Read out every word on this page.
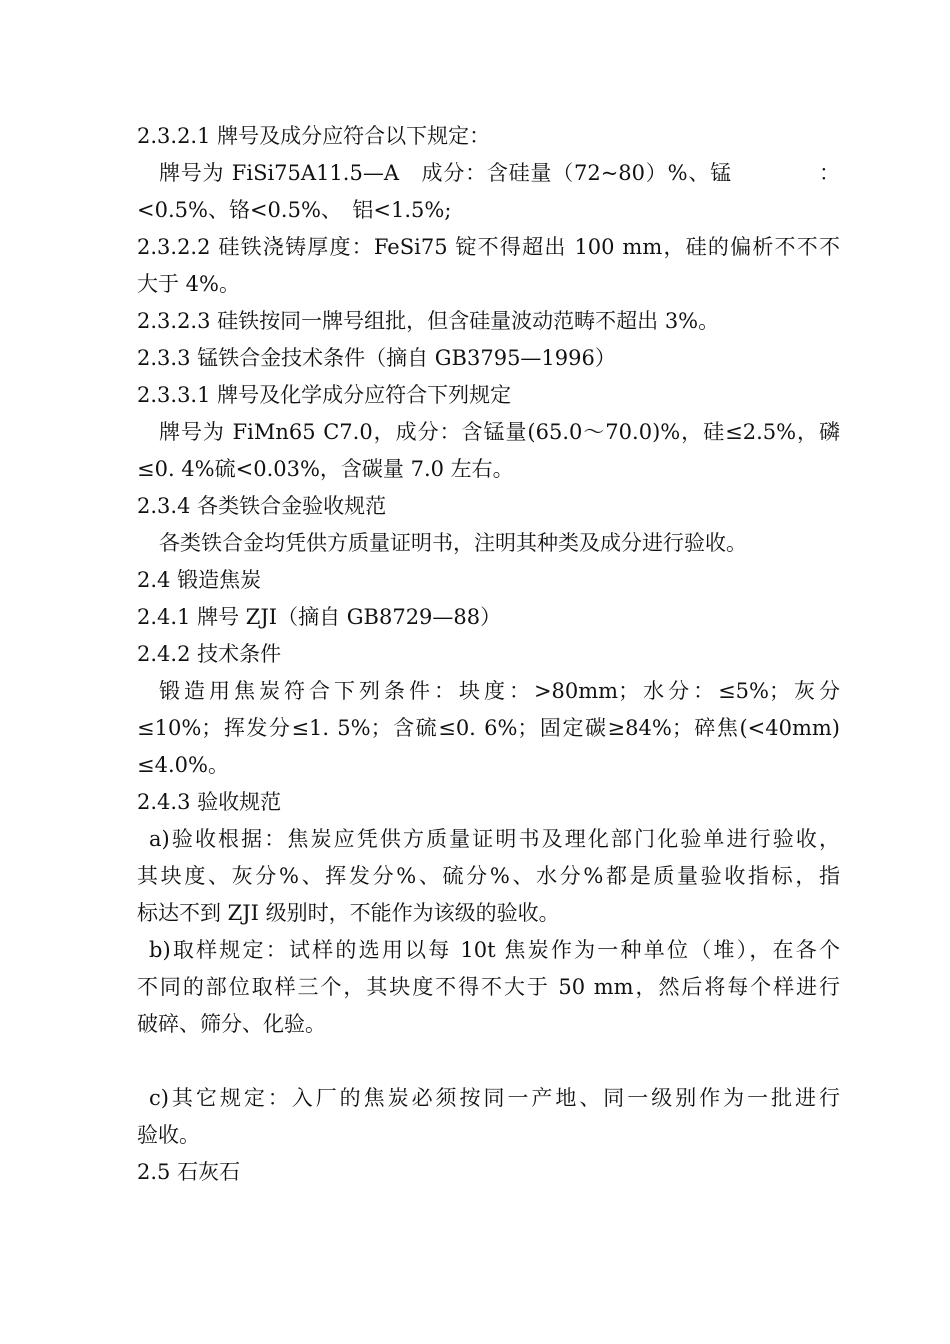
2.3.2.1 牌号及成分应符合以下规定：
牌号为 FiSi75A11.5—A　成分：含硅量（72~80）%、锰　　　　：
<0.5%、铬<0.5%、　铝<1.5%;
2.3.2.2 硅铁浇铸厚度：FeSi75 锭不得超出 100 mm，硅的偏析不不不
大于 4%。
2.3.2.3 硅铁按同一牌号组批，但含硅量波动范畴不超出 3%。
2.3.3 锰铁合金技术条件（摘自 GB3795—1996）
2.3.3.1 牌号及化学成分应符合下列规定
牌号为 FiMn65 C7.0，成分：含锰量(65.0～70.0)%，硅≤2.5%，磷
≤0. 4%硫<0.03%，含碳量 7.0 左右。
2.3.4 各类铁合金验收规范
各类铁合金均凭供方质量证明书，注明其种类及成分进行验收。
2.4 锻造焦炭
2.4.1 牌号 ZJI（摘自 GB8729—88）
2.4.2 技术条件
锻造用焦炭符合下列条件：块度：>80mm；水分：≤5%；灰分
≤10%；挥发分≤1. 5%；含硫≤0. 6%；固定碳≥84%；碎焦(<40mm)
≤4.0%。
2.4.3 验收规范
a)验收根据：焦炭应凭供方质量证明书及理化部门化验单进行验收，
其块度、灰分%、挥发分%、硫分%、水分%都是质量验收指标，指
标达不到 ZJI 级别时，不能作为该级的验收。
b)取样规定：试样的选用以每 10t 焦炭作为一种单位（堆），在各个
不同的部位取样三个，其块度不得不大于 50 mm，然后将每个样进行
破碎、筛分、化验。
c)其它规定：入厂的焦炭必须按同一产地、同一级别作为一批进行
验收。
2.5 石灰石
